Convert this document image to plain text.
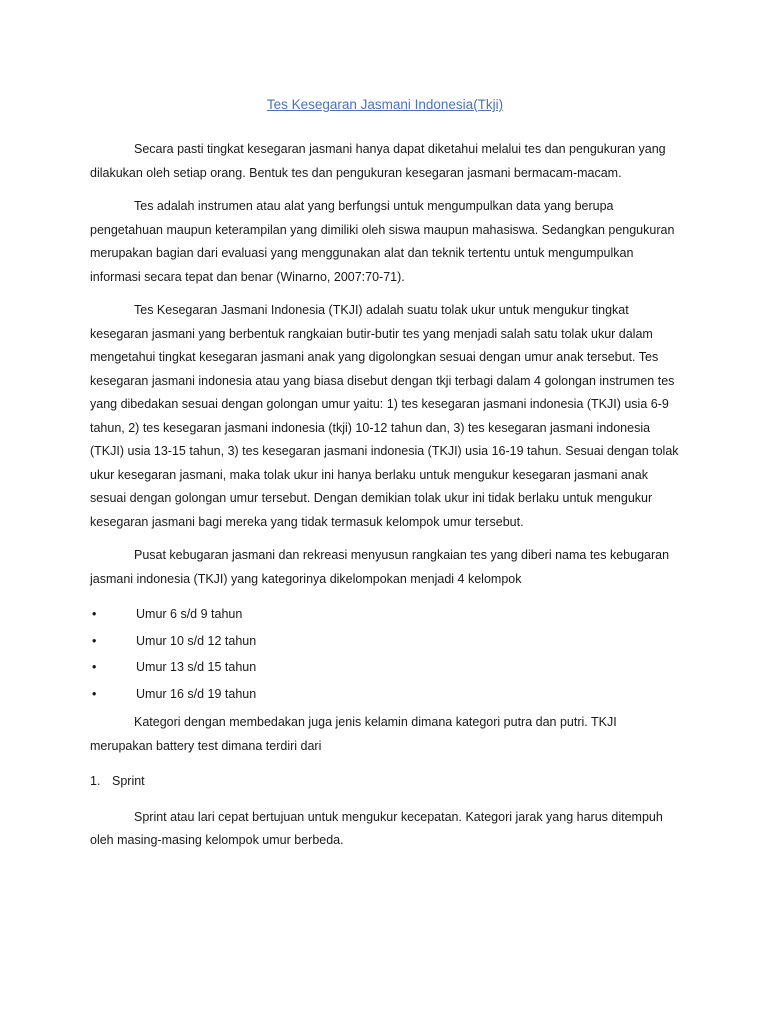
Tes Kesegaran Jasmani Indonesia(Tkji)

Secara pasti tingkat kesegaran jasmani hanya dapat diketahui melalui tes dan pengukuran yang dilakukan oleh setiap orang. Bentuk tes dan pengukuran kesegaran jasmani bermacam-macam.

Tes adalah instrumen atau alat yang berfungsi untuk mengumpulkan data yang berupa pengetahuan maupun keterampilan yang dimiliki oleh siswa maupun mahasiswa. Sedangkan pengukuran merupakan bagian dari evaluasi yang menggunakan alat dan teknik tertentu untuk mengumpulkan informasi secara tepat dan benar (Winarno, 2007:70-71).

Tes Kesegaran Jasmani Indonesia (TKJI) adalah suatu tolak ukur untuk mengukur tingkat kesegaran jasmani yang berbentuk rangkaian butir-butir tes yang menjadi salah satu tolak ukur dalam mengetahui tingkat kesegaran jasmani anak yang digolongkan sesuai dengan umur anak tersebut. Tes kesegaran jasmani indonesia atau yang biasa disebut dengan tkji terbagi dalam 4 golongan instrumen tes yang dibedakan sesuai dengan golongan umur yaitu: 1) tes kesegaran jasmani indonesia (TKJI) usia 6-9 tahun, 2) tes kesegaran jasmani indonesia (tkji) 10-12 tahun dan, 3) tes kesegaran jasmani indonesia (TKJI) usia 13-15 tahun, 3) tes kesegaran jasmani indonesia (TKJI) usia 16-19 tahun. Sesuai dengan tolak ukur kesegaran jasmani, maka tolak ukur ini hanya berlaku untuk mengukur kesegaran jasmani anak sesuai dengan golongan umur tersebut. Dengan demikian tolak ukur ini tidak berlaku untuk mengukur kesegaran jasmani bagi mereka yang tidak termasuk kelompok umur tersebut.

Pusat kebugaran jasmani dan rekreasi menyusun rangkaian tes yang diberi nama tes kebugaran jasmani indonesia (TKJI) yang kategorinya dikelompokan menjadi 4 kelompok

•	Umur 6 s/d 9 tahun
•	Umur 10 s/d 12 tahun
•	Umur 13 s/d 15 tahun
•	Umur 16 s/d 19 tahun

Kategori dengan membedakan juga jenis kelamin dimana kategori putra dan putri. TKJI merupakan battery test dimana terdiri dari

1. Sprint

Sprint atau lari cepat bertujuan untuk mengukur kecepatan. Kategori jarak yang harus ditempuh oleh masing-masing kelompok umur berbeda.
